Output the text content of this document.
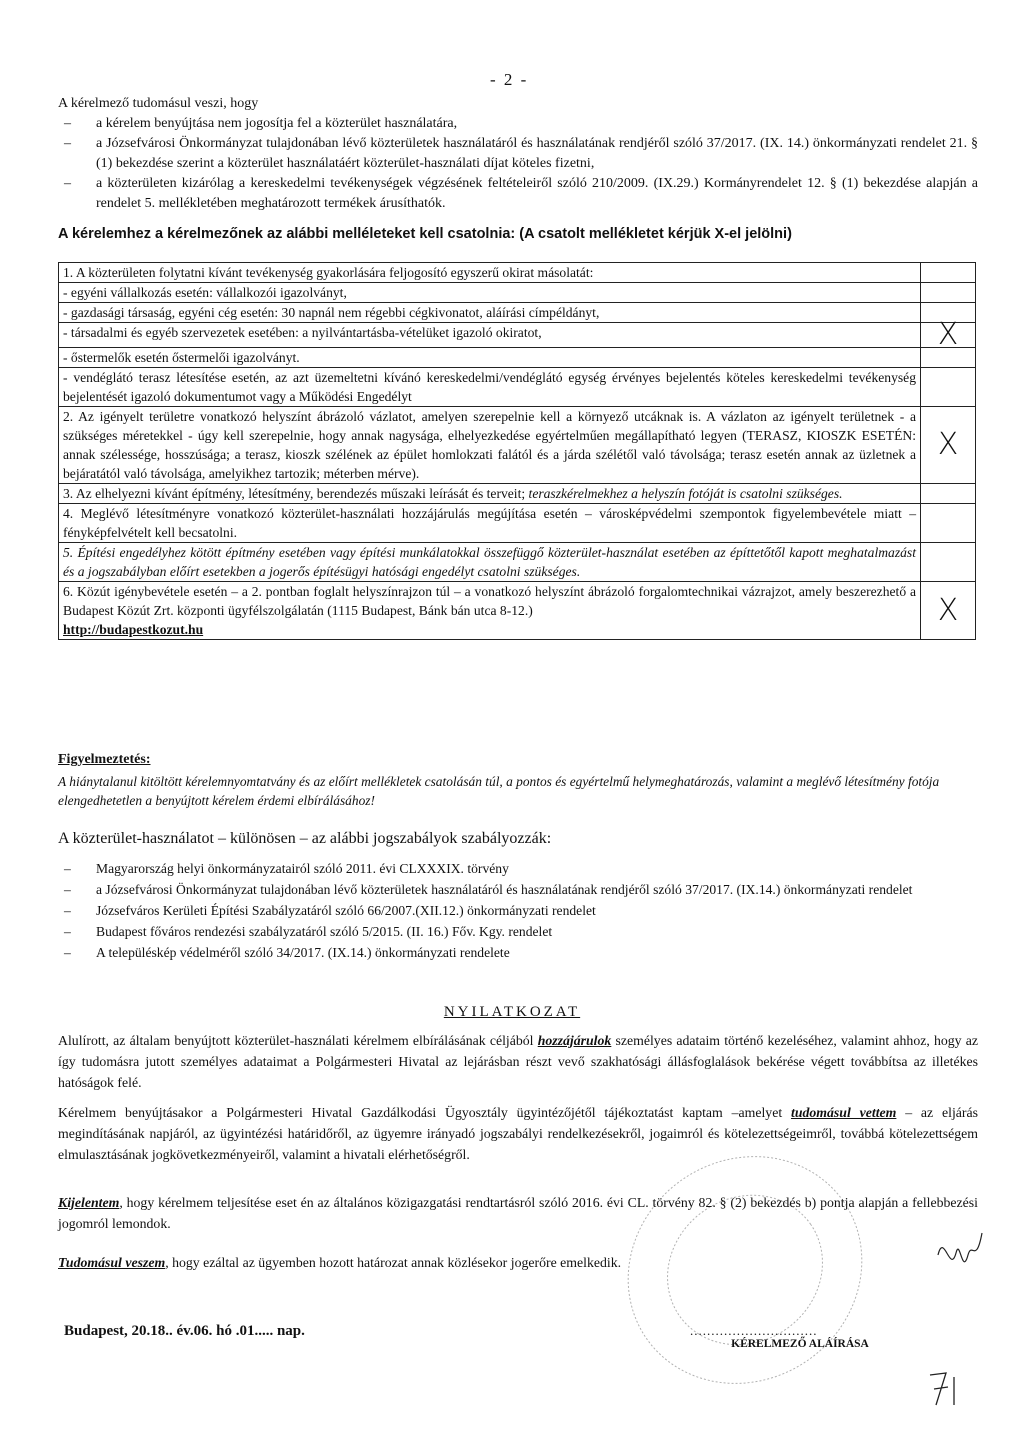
- 2 -
A kérelmező tudomásul veszi, hogy
–	a kérelem benyújtása nem jogosítja fel a közterület használatára,
–	a Józsefvárosi Önkormányzat tulajdonában lévő közterületek használatáról és használatának rendjéről szóló 37/2017. (IX. 14.) önkormányzati rendelet 21. § (1) bekezdése szerint a közterület használatáért közterület-használati díjat köteles fizetni,
–	a közterületen kizárólag a kereskedelmi tevékenységek végzésének feltételeiről szóló 210/2009. (IX.29.) Kormányrendelet 12. § (1) bekezdése alapján a rendelet 5. mellékletében meghatározott termékek árusíthatók.
A kérelemhez a kérelmezőnek az alábbi melléleteket kell csatolnia: (A csatolt mellékletet kérjük X-el jelölni)
1. A közterületen folytatni kívánt tevékenység gyakorlására feljogosító egyszerű okirat másolatát:	
- egyéni vállalkozás esetén: vállalkozói igazolványt,	
- gazdasági társaság, egyéni cég esetén: 30 napnál nem régebbi cégkivonatot, aláírási címpéldányt,	
- társadalmi és egyéb szervezetek esetében: a nyilvántartásba-vételüket igazoló okiratot,	X
- őstermelők esetén őstermelői igazolványt.	
- vendéglátó terasz létesítése esetén, az azt üzemeltetni kívánó kereskedelmi/vendéglátó egység érvényes bejelentés köteles kereskedelmi tevékenység bejelentését igazoló dokumentumot vagy a Működési Engedélyt	
2. Az igényelt területre vonatkozó helyszínt ábrázoló vázlatot, amelyen szerepelnie kell a környező utcáknak is. A vázlaton az igényelt területnek - a szükséges méretekkel - úgy kell szerepelnie, hogy annak nagysága, elhelyezkedése egyértelműen megállapítható legyen (TERASZ, KIOSZK ESETÉN: annak szélessége, hosszúsága; a terasz, kioszk szélének az épület homlokzati falától és a járda szélétől való távolsága; terasz esetén annak az üzletnek a bejáratától való távolsága, amelyikhez tartozik; méterben mérve).	X
3. Az elhelyezni kívánt építmény, létesítmény, berendezés műszaki leírását és terveit; teraszkérelmekhez a helyszín fotóját is csatolni szükséges.	
4. Meglévő létesítményre vonatkozó közterület-használati hozzájárulás megújítása esetén – városképvédelmi szempontok figyelembevétele miatt – fényképfelvételt kell becsatolni.	
5. Építési engedélyhez kötött építmény esetében vagy építési munkálatokkal összefüggő közterület-használat esetében az építtetőtől kapott meghatalmazást és a jogszabályban előírt esetekben a jogerős építésügyi hatósági engedélyt csatolni szükséges.	
6. Közút igénybevétele esetén – a 2. pontban foglalt helyszínrajzon túl – a vonatkozó helyszínt ábrázoló forgalomtechnikai vázrajzot, amely beszerezhető a Budapest Közút Zrt. központi ügyfélszolgálatán (1115 Budapest, Bánk bán utca 8-12.)
http://budapestkozut.hu	X
Figyelmeztetés:
A hiánytalanul kitöltött kérelemnyomtatvány és az előírt mellékletek csatolásán túl, a pontos és egyértelmű helymeghatározás, valamint a meglévő létesítmény fotója elengedhetetlen a benyújtott kérelem érdemi elbírálásához!
A közterület-használatot – különösen – az alábbi jogszabályok szabályozzák:
–	Magyarország helyi önkormányzatairól szóló 2011. évi CLXXXIX. törvény
–	a Józsefvárosi Önkormányzat tulajdonában lévő közterületek használatáról és használatának rendjéről szóló 37/2017. (IX.14.) önkormányzati rendelet
–	Józsefváros Kerületi Építési Szabályzatáról szóló 66/2007.(XII.12.) önkormányzati rendelet
–	Budapest főváros rendezési szabályzatáról szóló 5/2015. (II. 16.) Főv. Kgy. rendelet
–	A településkép védelméről szóló 34/2017. (IX.14.) önkormányzati rendelete
NYILATKOZAT
Alulírott, az általam benyújtott közterület-használati kérelmem elbírálásának céljából hozzájárulok személyes adataim történő kezeléséhez, valamint ahhoz, hogy az így tudomásra jutott személyes adataimat a Polgármesteri Hivatal az lejárásban részt vevő szakhatósági állásfoglalások bekérése végett továbbítsa az illetékes hatóságok felé.
Kérelmem benyújtásakor a Polgármesteri Hivatal Gazdálkodási Ügyosztály ügyintézőjétől tájékoztatást kaptam –amelyet tudomásul vettem – az eljárás megindításának napjáról, az ügyintézési határidőről, az ügyemre irányadó jogszabályi rendelkezésekről, jogaimról és kötelezettségeimről, továbbá kötelezettségem elmulasztásának jogkövetkezményeiről, valamint a hivatali elérhetőségről.
Kijelentem, hogy kérelmem teljesítése eset én az általános közigazgatási rendtartásról szóló 2016. évi CL. törvény 82. § (2) bekezdés b) pontja alapján a fellebbezési jogomról lemondok.
Tudomásul veszem, hogy ezáltal az ügyemben hozott határozat annak közlésekor jogerőre emelkedik.
Budapest, 20.18.. év.06. hó .01..... nap.	..............................
KÉRELMEZŐ ALÁÍRÁSA
